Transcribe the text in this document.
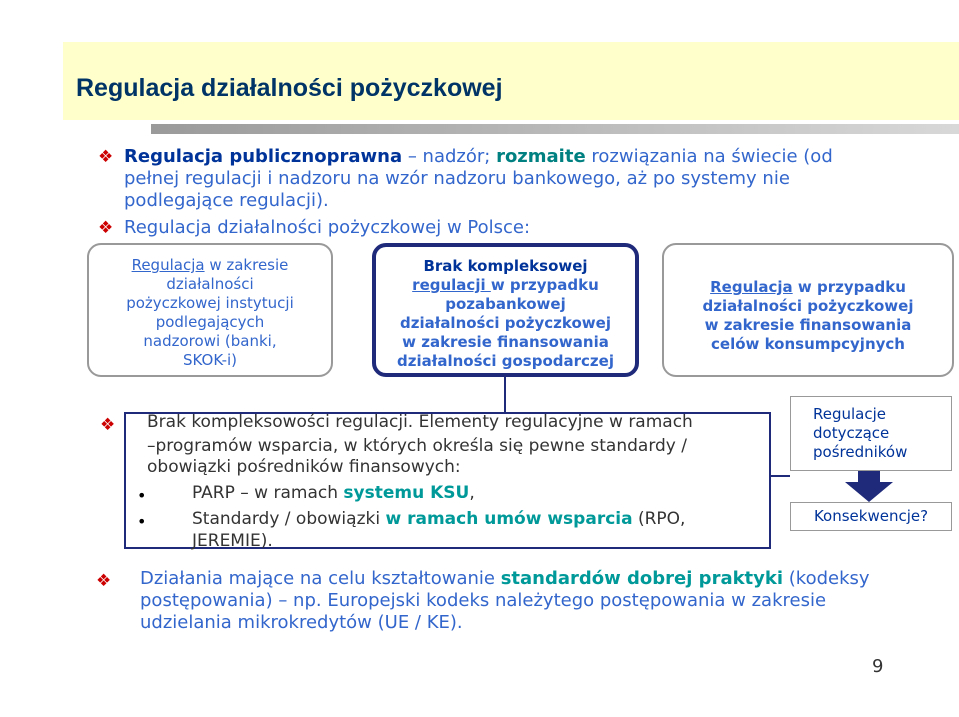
Regulacja działalności pożyczkowej
❖ Regulacja publicznoprawna – nadzór; rozmaite rozwiązania na świecie (od
pełnej regulacji i nadzoru na wzór nadzoru bankowego, aż po systemy nie
podlegające regulacji).
❖ Regulacja działalności pożyczkowej w Polsce:
Regulacja w zakresie
działalności
pożyczkowej instytucji
podlegających
nadzorowi (banki,
SKOK-i)
Brak kompleksowej
regulacji w przypadku
pozabankowej
działalności pożyczkowej
w zakresie finansowania
działalności gospodarczej
Regulacja w przypadku
działalności pożyczkowej
w zakresie finansowania
celów konsumpcyjnych
❖ Brak kompleksowości regulacji. Elementy regulacyjne w ramach
–programów wsparcia, w których określa się pewne standardy /
obowiązki pośredników finansowych:
•	PARP – w ramach systemu KSU,
•	Standardy / obowiązki w ramach umów wsparcia (RPO,
JEREMIE).
Regulacje
dotyczące
pośredników
Konsekwencje?
❖ Działania mające na celu kształtowanie standardów dobrej praktyki (kodeksy
postępowania) – np. Europejski kodeks należytego postępowania w zakresie
udzielania mikrokredytów (UE / KE).
9
